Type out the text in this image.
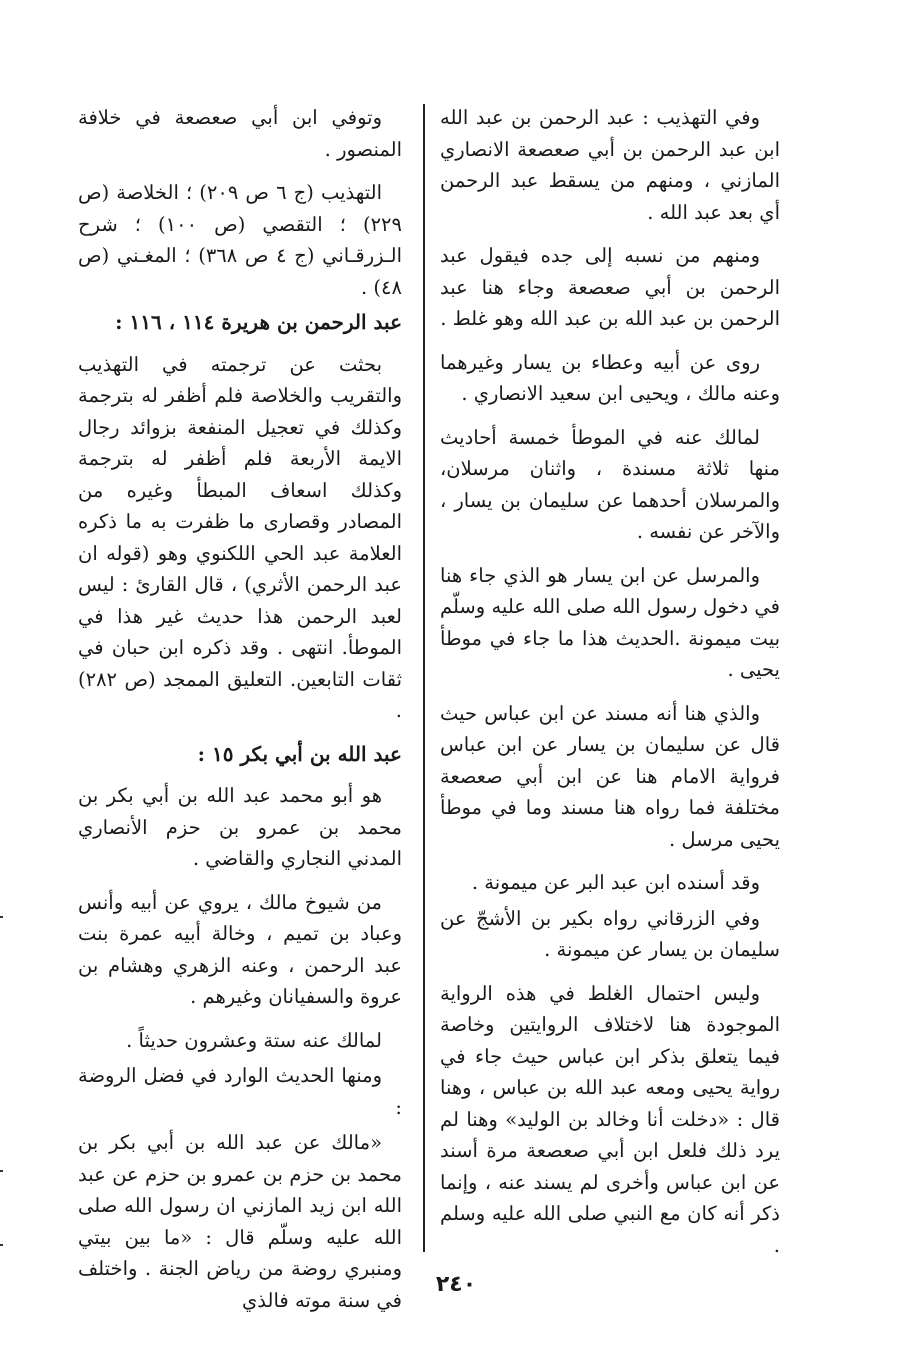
وفي التهذيب : عبد الرحمن بن عبد الله ابن عبد الرحمن بن أبي صعصعة الانصاري المازني ، ومنهم من يسقط عبد الرحمن أي بعد عبد الله .

ومنهم من نسبه إلى جده فيقول عبد الرحمن بن أبي صعصعة وجاء هنا عبد الرحمن بن عبد الله بن عبد الله وهو غلط .

روى عن أبيه وعطاء بن يسار وغيرهما وعنه مالك ، ويحيى ابن سعيد الانصاري .

لمالك عنه في الموطأ خمسة أحاديث منها ثلاثة مسندة ، واثنان مرسلان، والمرسلان أحدهما عن سليمان بن يسار ، والآخر عن نفسه .

والمرسل عن ابن يسار هو الذي جاء هنا في دخول رسول الله صلى الله عليه وسلّم بيت ميمونة .الحديث هذا ما جاء في موطأ يحيى .

والذي هنا أنه مسند عن ابن عباس حيث قال عن سليمان بن يسار عن ابن عباس فرواية الامام هنا عن ابن أبي صعصعة مختلفة فما رواه هنا مسند وما في موطأ يحيى مرسل .

وقد أسنده ابن عبد البر عن ميمونة .

وفي الزرقاني رواه بكير بن الأشجّ عن سليمان بن يسار عن ميمونة .

وليس احتمال الغلط في هذه الرواية الموجودة هنا لاختلاف الروايتين وخاصة فيما يتعلق بذكر ابن عباس حيث جاء في رواية يحيى ومعه عبد الله بن عباس ، وهنا قال : «دخلت أنا وخالد بن الوليد» وهنا لم يرد ذلك فلعل ابن أبي صعصعة مرة أسند عن ابن عباس وأخرى لم يسند عنه ، وإنما ذكر أنه كان مع النبي صلى الله عليه وسلم .

وتوفي ابن أبي صعصعة في خلافة المنصور .

التهذيب (ج ٦ ص ٢٠٩) ؛ الخلاصة (ص ٢٢٩) ؛ التقصي (ص ١٠٠) ؛ شرح الـزرقـاني (ج ٤ ص ٣٦٨) ؛ المغـني (ص ٤٨) .

عبد الرحمن بن هريرة ١١٤ ، ١١٦ :

بحثت عن ترجمته في التهذيب والتقريب والخلاصة فلم أظفر له بترجمة وكذلك في تعجيل المنفعة بزوائد رجال الايمة الأربعة فلم أظفر له بترجمة وكذلك اسعاف المبطأ وغيره من المصادر وقصارى ما ظفرت به ما ذكره العلامة عبد الحي اللكنوي وهو (قوله ان عبد الرحمن الأثري) ، قال القارئ : ليس لعبد الرحمن هذا حديث غير هذا في الموطأ. انتهى . وقد ذكره ابن حبان في ثقات التابعين. التعليق الممجد (ص ٢٨٢) .

عبد الله بن أبي بكر ١٥ :

هو أبو محمد عبد الله بن أبي بكر بن محمد بن عمرو بن حزم الأنصاري المدني النجاري والقاضي .

من شيوخ مالك ، يروي عن أبيه وأنس وعباد بن تميم ، وخالة أبيه عمرة بنت عبد الرحمن ، وعنه الزهري وهشام بن عروة والسفيانان وغيرهم .

لمالك عنه ستة وعشرون حديثاً .

ومنها الحديث الوارد في فضل الروضة :

«مالك عن عبد الله بن أبي بكر بن محمد بن حزم بن عمرو بن حزم عن عبد الله ابن زيد المازني ان رسول الله صلى الله عليه وسلّم قال : «ما بين بيتي ومنبري روضة من رياض الجنة . واختلف في سنة موته فالذي

٢٤٠
